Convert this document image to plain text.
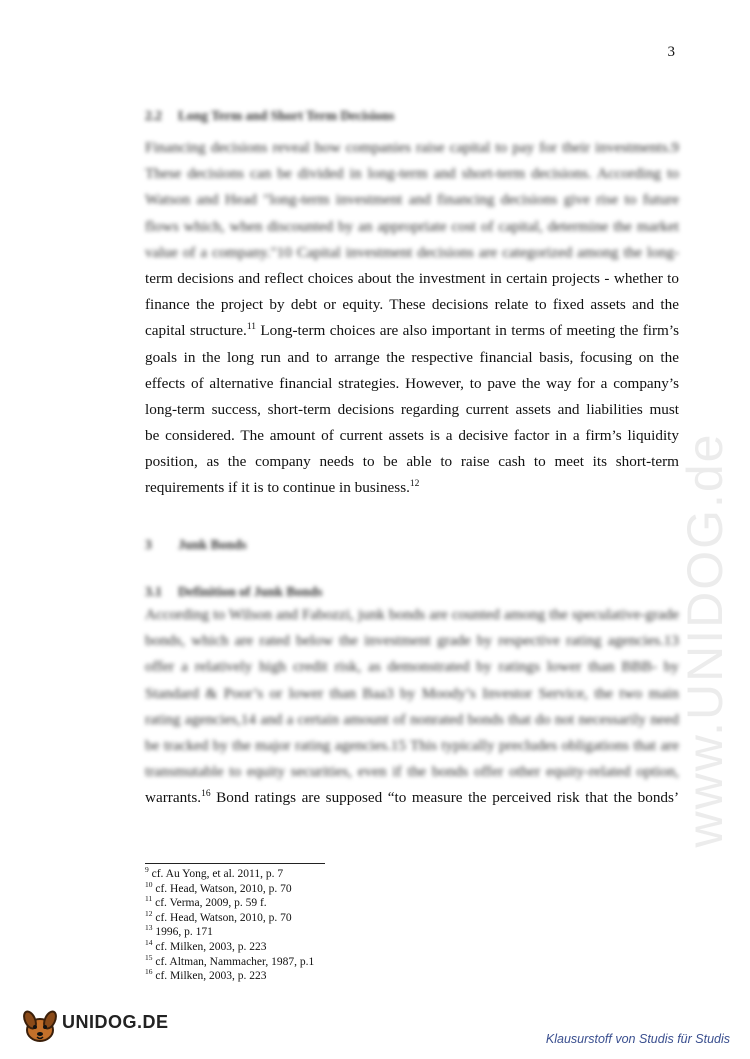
3
www.UNIDOG.de
2.2 Long Term and Short Term Decisions
Financing decisions reveal how companies raise capital to pay for their investments.9
These decisions can be divided in long-term and short-term decisions. According to
Watson and Head "long-term investment and financing decisions give rise to future
flows which, when discounted by an appropriate cost of capital, determine the market
value of a company."10 Capital investment decisions are categorized among the long-
term decisions and reflect choices about the investment in certain projects - whether to
finance the project by debt or equity. These decisions relate to fixed assets and the
capital structure.$^{11}$ Long-term choices are also important in terms of meeting the firm’s
goals in the long run and to arrange the respective financial basis, focusing on the
effects of alternative financial strategies. However, to pave the way for a company’s
long-term success, short-term decisions regarding current assets and liabilities must
be considered. The amount of current assets is a decisive factor in a firm’s liquidity
position, as the company needs to be able to raise cash to meet its short-term
requirements if it is to continue in business.$^{12}$
3 Junk Bonds
3.1 Definition of Junk Bonds
According to Wilson and Fabozzi, junk bonds are counted among the speculative-grade
bonds, which are rated below the investment grade by respective rating agencies.13
offer a relatively high credit risk, as demonstrated by ratings lower than BBB- by
Standard & Poor’s or lower than Baa3 by Moody’s Investor Service, the two main
rating agencies,14 and a certain amount of nonrated bonds that do not necessarily need
be tracked by the major rating agencies.15 This typically precludes obligations that are
transmutable to equity securities, even if the bonds offer other equity-related option,
warrants.$^{16}$ Bond ratings are supposed “to measure the perceived risk that the bonds’
$^9$ cf. Au Yong, et al. 2011, p. 7
$^{10}$ cf. Head, Watson, 2010, p. 70
$^{11}$ cf. Verma, 2009, p. 59 f.
$^{12}$ cf. Head, Watson, 2010, p. 70
$^{13}$ 1996, p. 171
$^{14}$ cf. Milken, 2003, p. 223
$^{15}$ cf. Altman, Nammacher, 1987, p.1
$^{16}$ cf. Milken, 2003, p. 223
UNIDOG.DE
Klausurstoff von Studis für Studis
